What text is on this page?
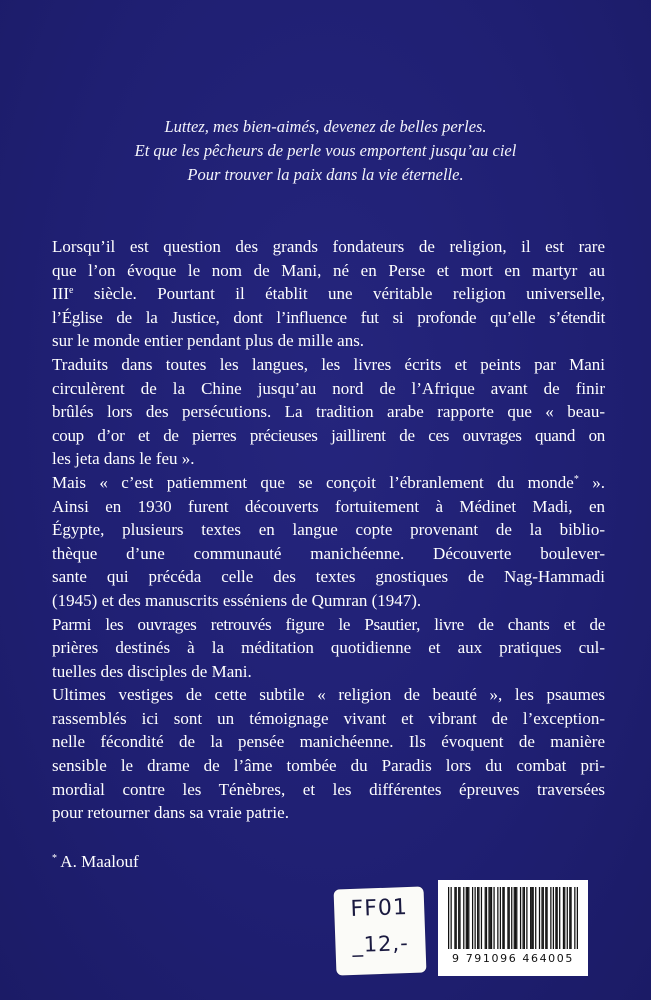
Luttez, mes bien-aimés, devenez de belles perles.
Et que les pêcheurs de perle vous emportent jusqu’au ciel
Pour trouver la paix dans la vie éternelle.
Lorsqu’il est question des grands fondateurs de religion, il est rare
que l’on évoque le nom de Mani, né en Perse et mort en martyr au
IIIe siècle. Pourtant il établit une véritable religion universelle,
l’Église de la Justice, dont l’influence fut si profonde qu’elle s’étendit
sur le monde entier pendant plus de mille ans.
Traduits dans toutes les langues, les livres écrits et peints par Mani
circulèrent de la Chine jusqu’au nord de l’Afrique avant de finir
brûlés lors des persécutions. La tradition arabe rapporte que « beau-
coup d’or et de pierres précieuses jaillirent de ces ouvrages quand on
les jeta dans le feu ».
Mais « c’est patiemment que se conçoit l’ébranlement du monde* ».
Ainsi en 1930 furent découverts fortuitement à Médinet Madi, en
Égypte, plusieurs textes en langue copte provenant de la biblio-
thèque d’une communauté manichéenne. Découverte boulever-
sante qui précéda celle des textes gnostiques de Nag-Hammadi
(1945) et des manuscrits esséniens de Qumran (1947).
Parmi les ouvrages retrouvés figure le Psautier, livre de chants et de
prières destinés à la méditation quotidienne et aux pratiques cul-
tuelles des disciples de Mani.
Ultimes vestiges de cette subtile « religion de beauté », les psaumes
rassemblés ici sont un témoignage vivant et vibrant de l’exception-
nelle fécondité de la pensée manichéenne. Ils évoquent de manière
sensible le drame de l’âme tombée du Paradis lors du combat pri-
mordial contre les Ténèbres, et les différentes épreuves traversées
pour retourner dans sa vraie patrie.
* A. Maalouf
FF01
_12,-
9 791096 464005
